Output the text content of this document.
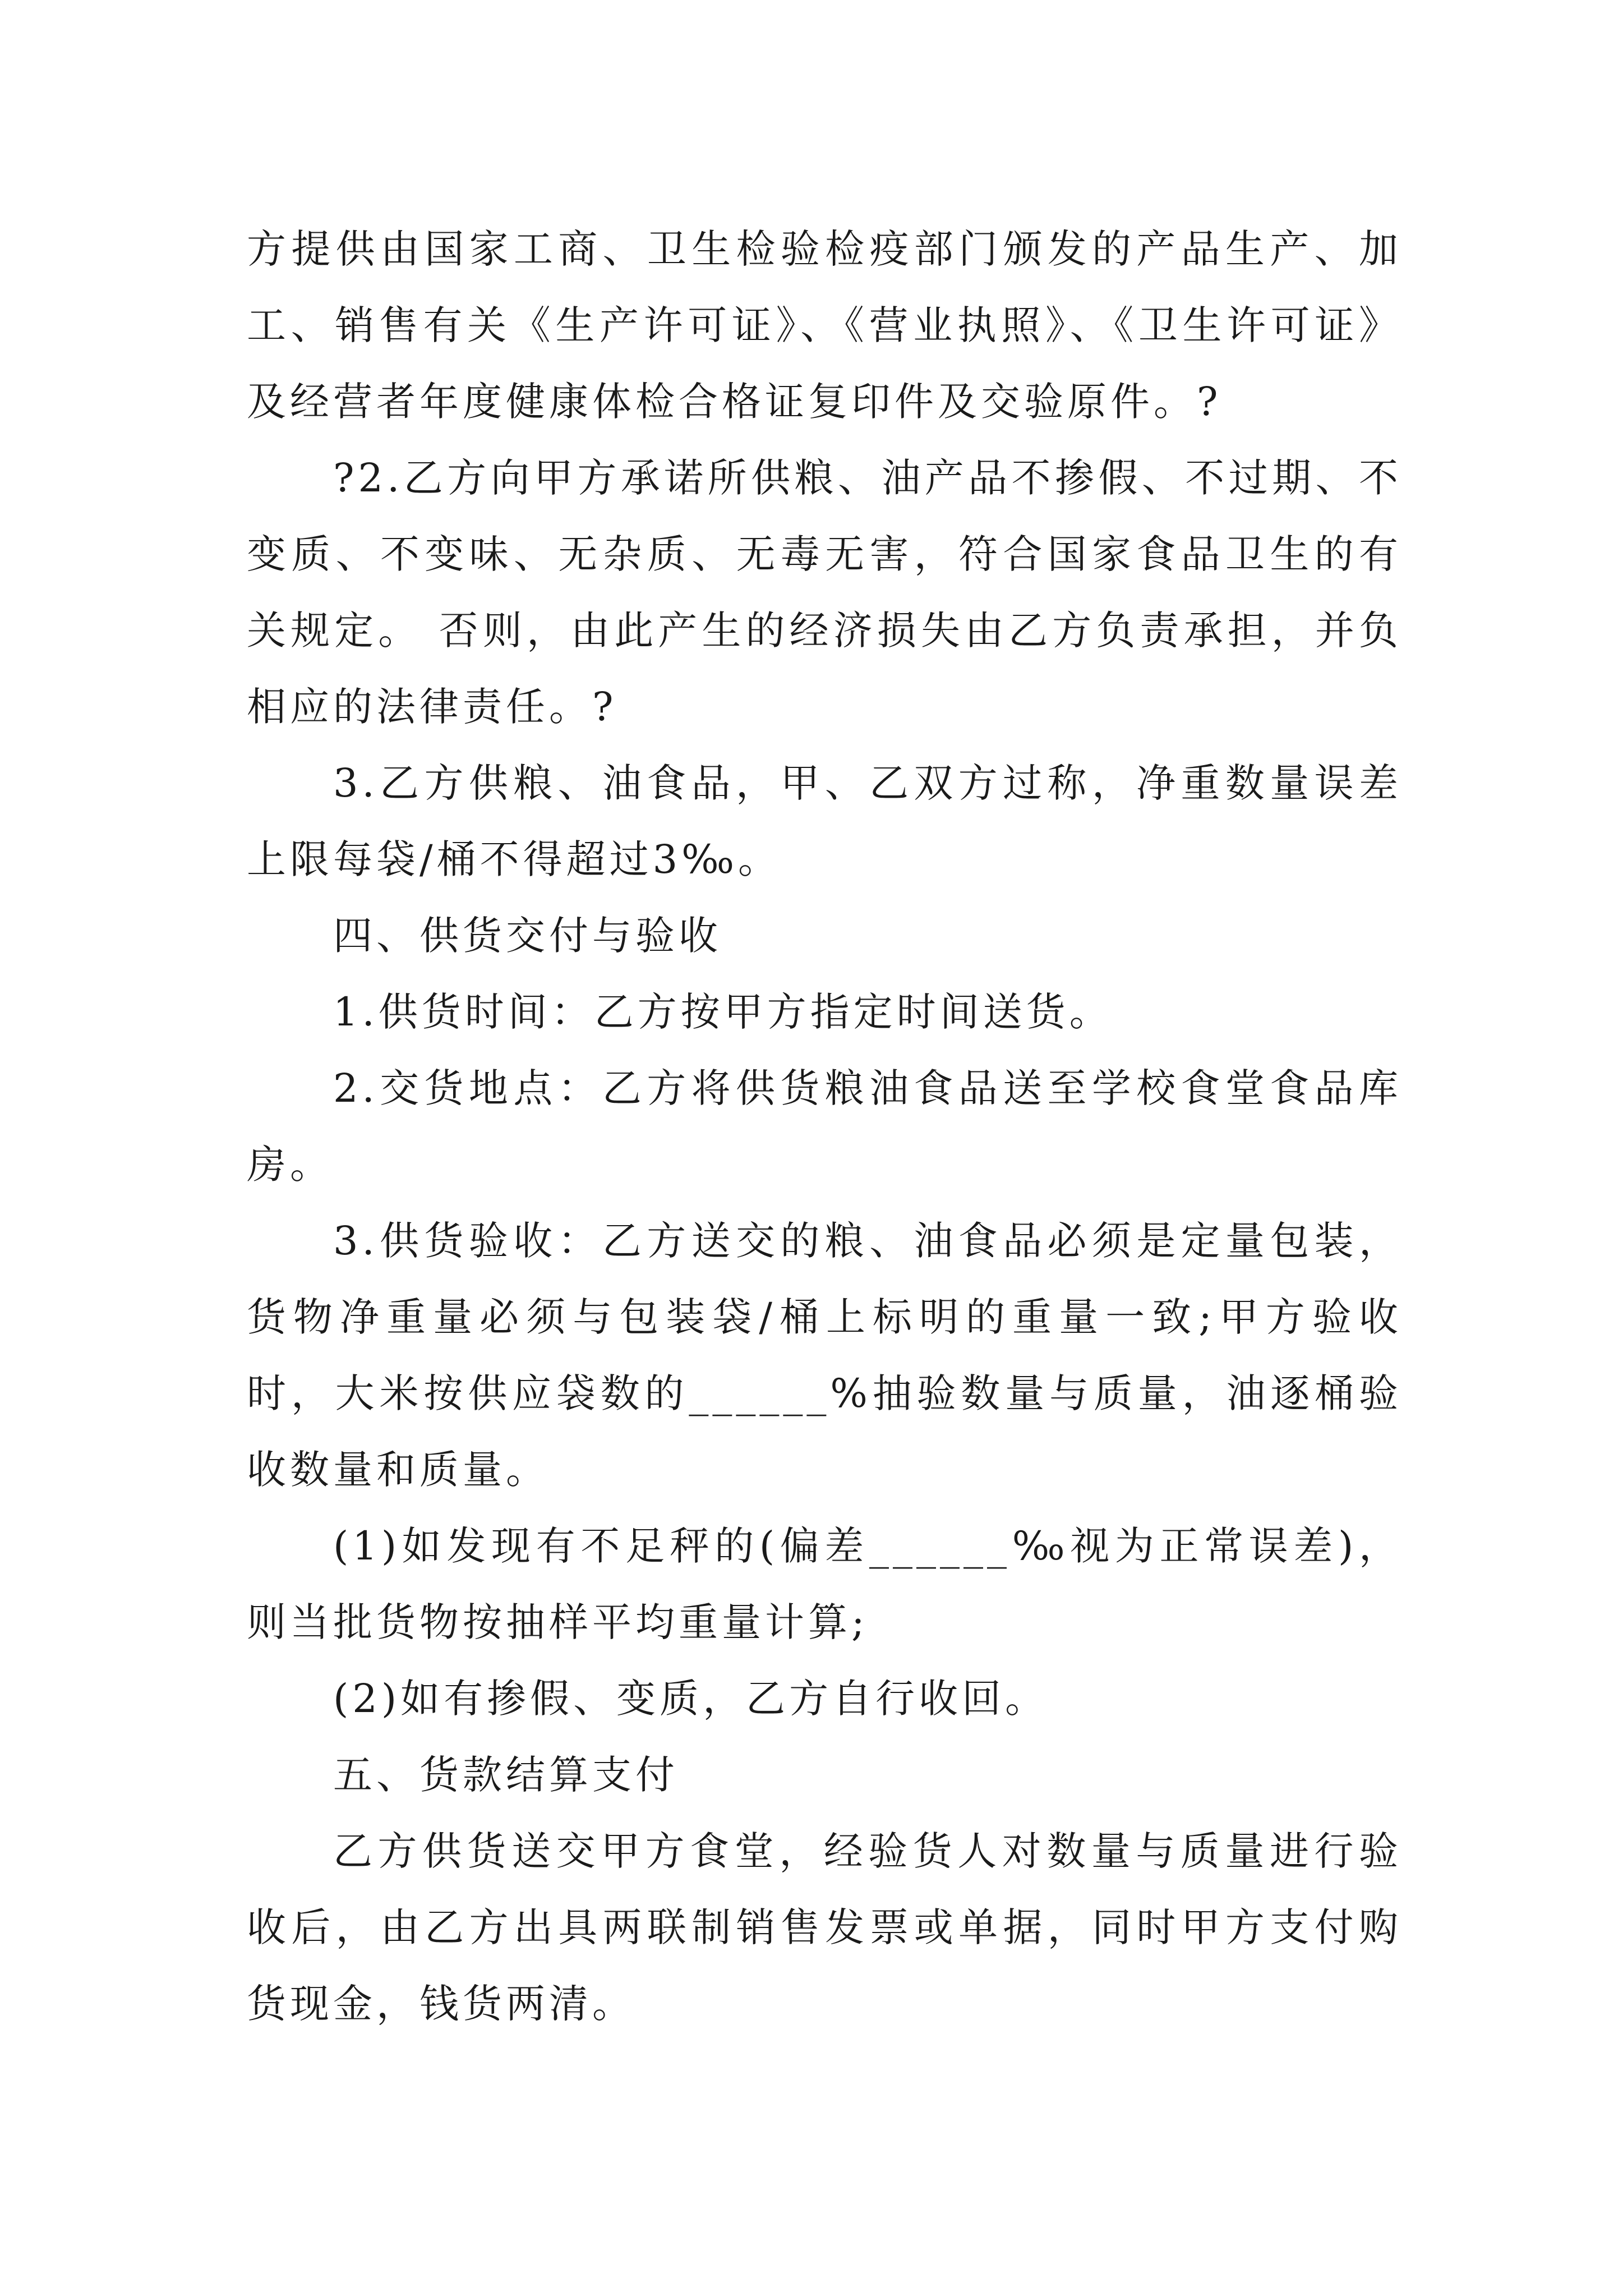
方提供由国家工商、卫生检验检疫部门颁发的产品生产、加工、销售有关《生产许可证》、《营业执照》、《卫生许可证》及经营者年度健康体检合格证复印件及交验原件。?

?2.乙方向甲方承诺所供粮、油产品不掺假、不过期、不变质、不变味、无杂质、无毒无害，符合国家食品卫生的有关规定。 否则，由此产生的经济损失由乙方负责承担，并负相应的法律责任。?

3.乙方供粮、油食品，甲、乙双方过称，净重数量误差上限每袋/桶不得超过3‰。

四、供货交付与验收

1.供货时间：乙方按甲方指定时间送货。

2.交货地点：乙方将供货粮油食品送至学校食堂食品库房。

3.供货验收：乙方送交的粮、油食品必须是定量包装，货物净重量必须与包装袋/桶上标明的重量一致;甲方验收时，大米按供应袋数的______%抽验数量与质量，油逐桶验收数量和质量。

(1)如发现有不足秤的(偏差______‰视为正常误差)，则当批货物按抽样平均重量计算;

(2)如有掺假、变质，乙方自行收回。

五、货款结算支付

乙方供货送交甲方食堂，经验货人对数量与质量进行验收后，由乙方出具两联制销售发票或单据，同时甲方支付购货现金，钱货两清。
